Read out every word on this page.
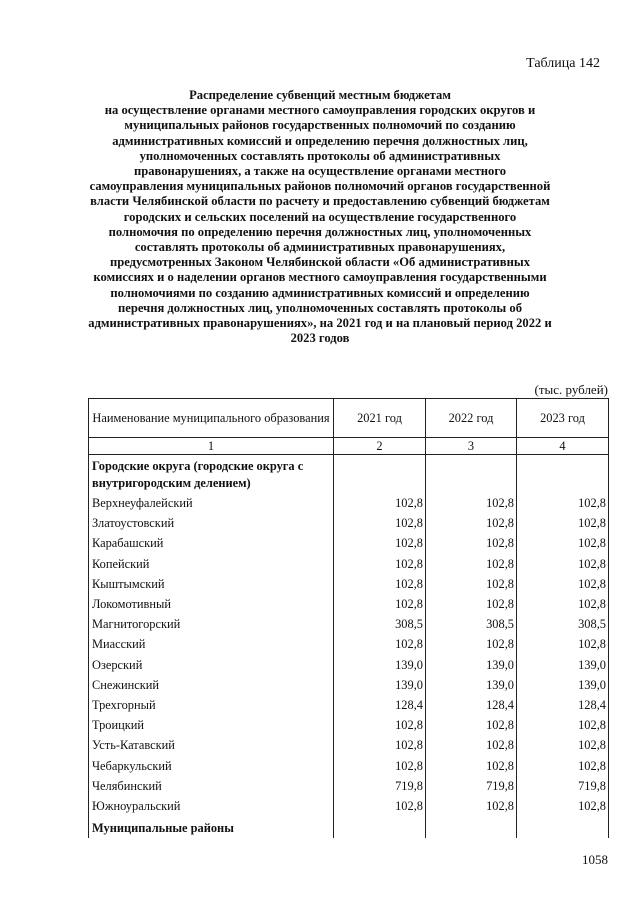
Таблица 142
Распределение субвенций местным бюджетам
на осуществление органами местного самоуправления городских округов и
муниципальных районов государственных полномочий по созданию
административных комиссий и определению перечня должностных лиц,
уполномоченных составлять протоколы об административных
правонарушениях, а также на осуществление органами местного
самоуправления муниципальных районов полномочий органов государственной
власти Челябинской области по расчету и предоставлению субвенций бюджетам
городских и сельских поселений на осуществление государственного
полномочия по определению перечня должностных лиц, уполномоченных
составлять протоколы об административных правонарушениях,
предусмотренных Законом Челябинской области «Об административных
комиссиях и о наделении органов местного самоуправления государственными
полномочиями по созданию административных комиссий и определению
перечня должностных лиц, уполномоченных составлять протоколы об
административных правонарушениях», на 2021 год и на плановый период 2022 и
2023 годов
(тыс. рублей)
Наименование муниципального образования	2021 год	2022 год	2023 год
1	2	3	4
Городские округа (городские округа с внутригородским делением)			
Верхнеуфалейский	102,8	102,8	102,8
Златоустовский	102,8	102,8	102,8
Карабашский	102,8	102,8	102,8
Копейский	102,8	102,8	102,8
Кыштымский	102,8	102,8	102,8
Локомотивный	102,8	102,8	102,8
Магнитогорский	308,5	308,5	308,5
Миасский	102,8	102,8	102,8
Озерский	139,0	139,0	139,0
Снежинский	139,0	139,0	139,0
Трехгорный	128,4	128,4	128,4
Троицкий	102,8	102,8	102,8
Усть-Катавский	102,8	102,8	102,8
Чебаркульский	102,8	102,8	102,8
Челябинский	719,8	719,8	719,8
Южноуральский	102,8	102,8	102,8
Муниципальные районы			
1058
